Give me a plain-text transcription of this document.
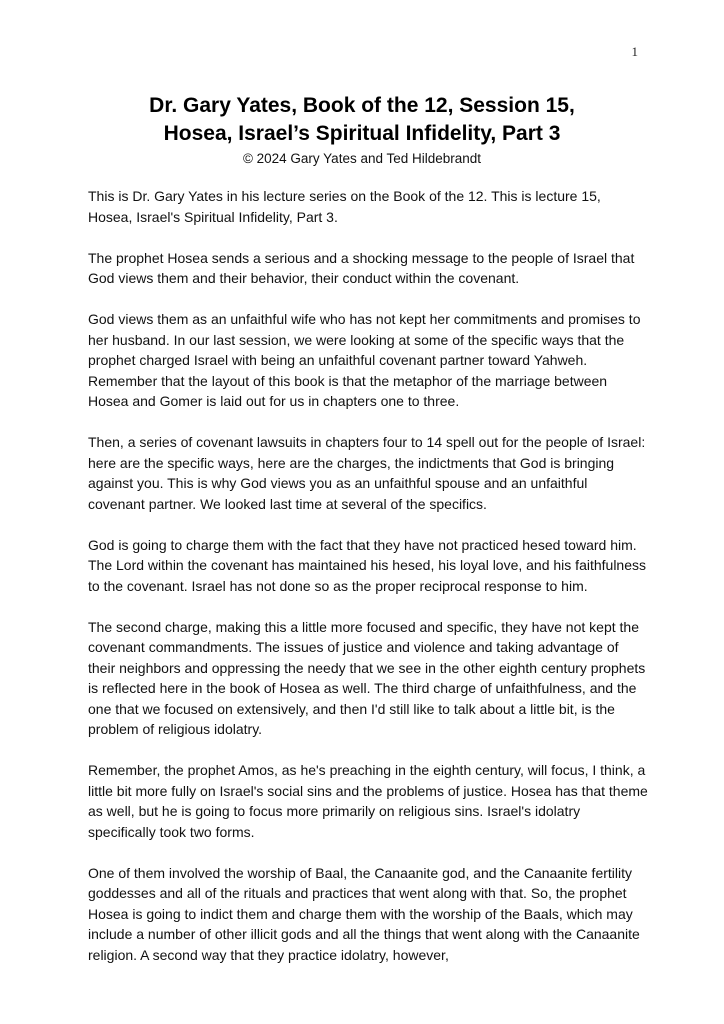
1

Dr. Gary Yates, Book of the 12, Session 15,

Hosea, Israel’s Spiritual Infidelity, Part 3

© 2024 Gary Yates and Ted Hildebrandt

This is Dr. Gary Yates in his lecture series on the Book of the 12. This is lecture 15, Hosea, Israel's Spiritual Infidelity, Part 3.

The prophet Hosea sends a serious and a shocking message to the people of Israel that God views them and their behavior, their conduct within the covenant.

God views them as an unfaithful wife who has not kept her commitments and promises to her husband. In our last session, we were looking at some of the specific ways that the prophet charged Israel with being an unfaithful covenant partner toward Yahweh. Remember that the layout of this book is that the metaphor of the marriage between Hosea and Gomer is laid out for us in chapters one to three.

Then, a series of covenant lawsuits in chapters four to 14 spell out for the people of Israel: here are the specific ways, here are the charges, the indictments that God is bringing against you. This is why God views you as an unfaithful spouse and an unfaithful covenant partner. We looked last time at several of the specifics.

God is going to charge them with the fact that they have not practiced hesed toward him. The Lord within the covenant has maintained his hesed, his loyal love, and his faithfulness to the covenant. Israel has not done so as the proper reciprocal response to him.

The second charge, making this a little more focused and specific, they have not kept the covenant commandments. The issues of justice and violence and taking advantage of their neighbors and oppressing the needy that we see in the other eighth century prophets is reflected here in the book of Hosea as well. The third charge of unfaithfulness, and the one that we focused on extensively, and then I'd still like to talk about a little bit, is the problem of religious idolatry.

Remember, the prophet Amos, as he's preaching in the eighth century, will focus, I think, a little bit more fully on Israel's social sins and the problems of justice. Hosea has that theme as well, but he is going to focus more primarily on religious sins. Israel's idolatry specifically took two forms.

One of them involved the worship of Baal, the Canaanite god, and the Canaanite fertility goddesses and all of the rituals and practices that went along with that. So, the prophet Hosea is going to indict them and charge them with the worship of the Baals, which may include a number of other illicit gods and all the things that went along with the Canaanite religion. A second way that they practice idolatry, however,
